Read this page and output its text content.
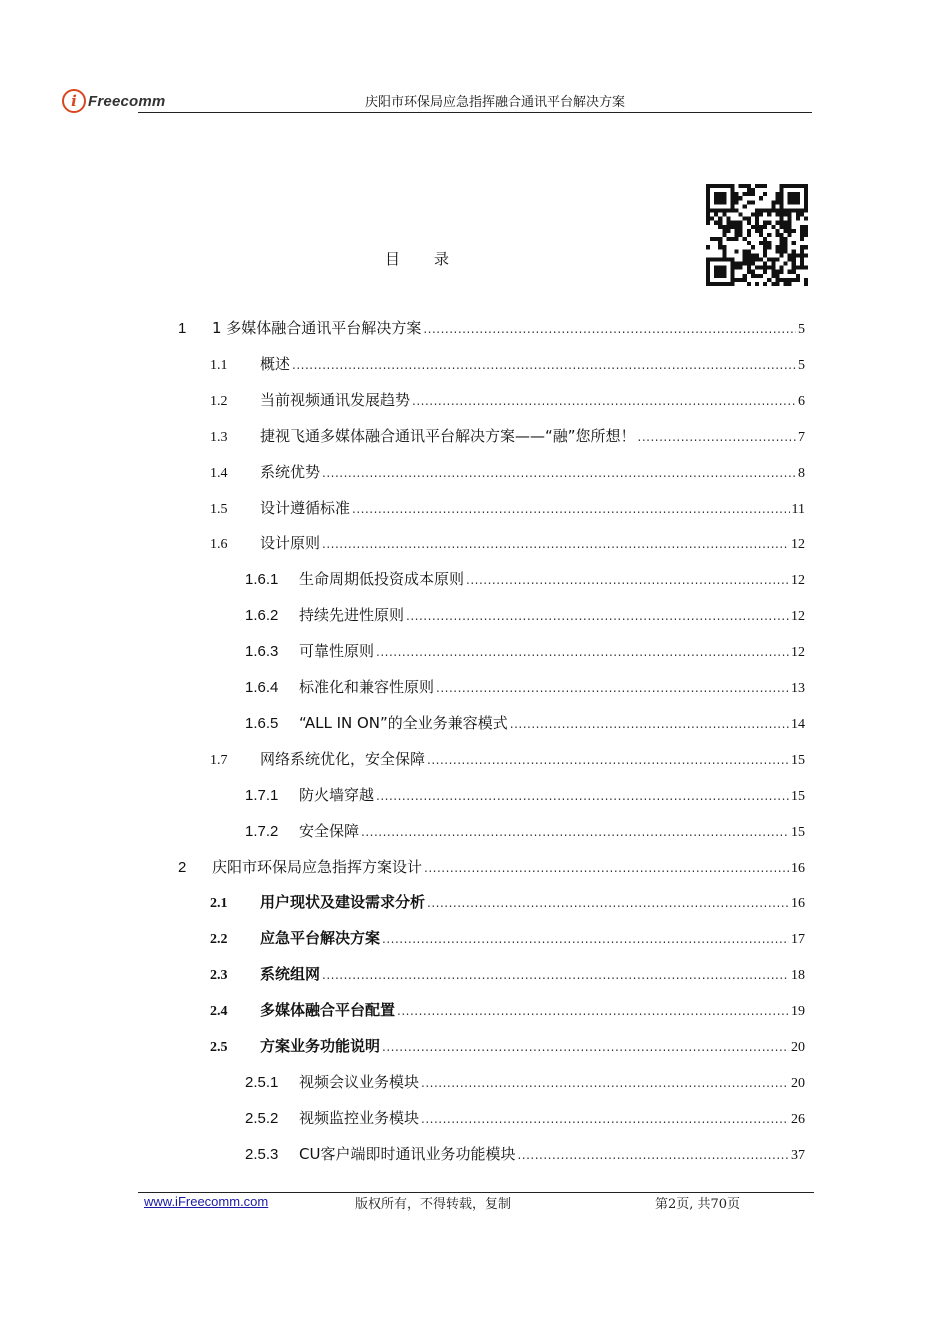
i Freecomm	庆阳市环保局应急指挥融合通讯平台解决方案
目 录
1	1 多媒体融合通讯平台解决方案 .....	5
1.1	概述 .....	5
1.2	当前视频通讯发展趋势 .....	6
1.3	捷视飞通多媒体融合通讯平台解决方案——“融”您所想！ .....	7
1.4	系统优势 .....	8
1.5	设计遵循标准 .....	11
1.6	设计原则 .....	12
1.6.1	生命周期低投资成本原则 .....	12
1.6.2	持续先进性原则 .....	12
1.6.3	可靠性原则 .....	12
1.6.4	标准化和兼容性原则 .....	13
1.6.5	“ALL IN ON”的全业务兼容模式 .....	14
1.7	网络系统优化，安全保障 .....	15
1.7.1	防火墙穿越 .....	15
1.7.2	安全保障 .....	15
2	庆阳市环保局应急指挥方案设计 .....	16
2.1	用户现状及建设需求分析 .....	16
2.2	应急平台解决方案 .....	17
2.3	系统组网 .....	18
2.4	多媒体融合平台配置 .....	19
2.5	方案业务功能说明 .....	20
2.5.1	视频会议业务模块 .....	20
2.5.2	视频监控业务模块 .....	26
2.5.3	CU客户端即时通讯业务功能模块 .....	37
www.iFreecomm.com	版权所有，不得转载，复制	第2页, 共70页
